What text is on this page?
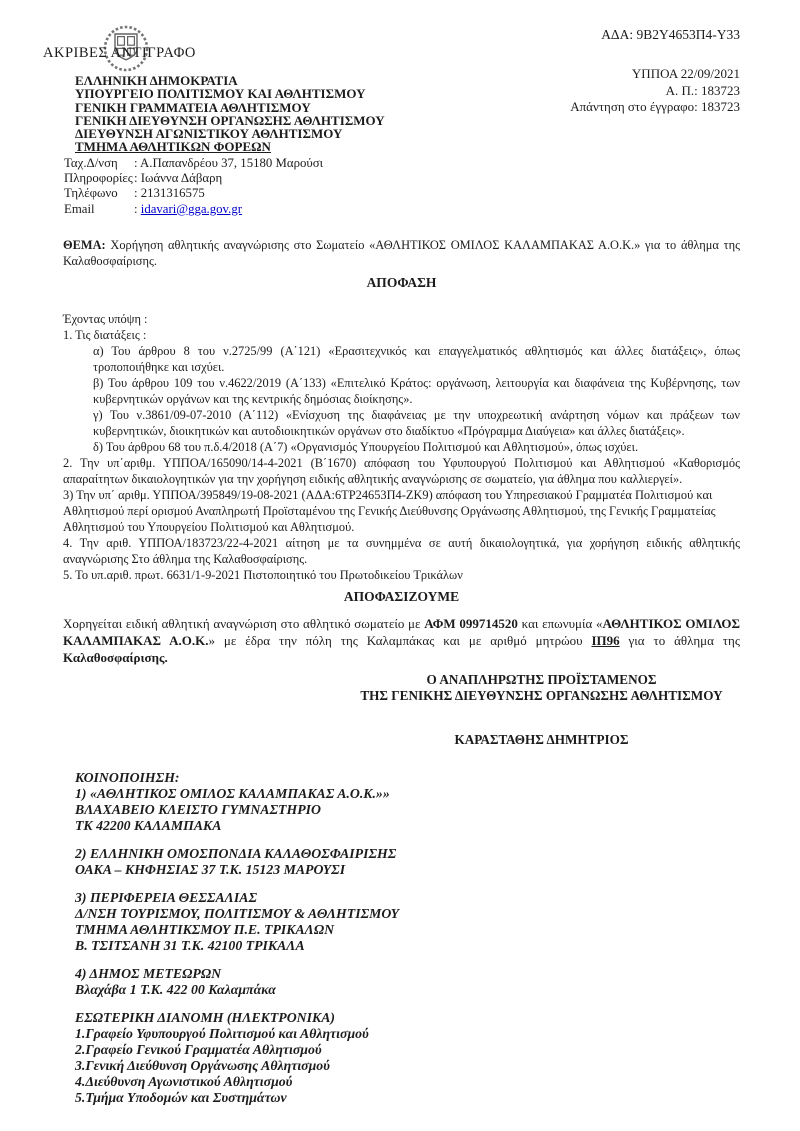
ΑΚΡΙΒΕΣ ΑΝΤΙΓΡΑΦΟ
ΑΔΑ: 9Β2Υ4653Π4-Υ33
ΕΛΛΗΝΙΚΗ ΔΗΜΟΚΡΑΤΙΑ
ΥΠΟΥΡΓΕΙΟ ΠΟΛΙΤΙΣΜΟΥ ΚΑΙ ΑΘΛΗΤΙΣΜΟΥ
ΓΕΝΙΚΗ ΓΡΑΜΜΑΤΕΙΑ ΑΘΛΗΤΙΣΜΟΥ
ΓΕΝΙΚΗ ΔΙΕΥΘΥΝΣΗ ΟΡΓΑΝΩΣΗΣ ΑΘΛΗΤΙΣΜΟΥ
ΔΙΕΥΘΥΝΣΗ ΑΓΩΝΙΣΤΙΚΟΥ ΑΘΛΗΤΙΣΜΟΥ
ΤΜΗΜΑ ΑΘΛΗΤΙΚΩΝ ΦΟΡΕΩΝ
Ταχ.Δ/νση : Α.Παπανδρέου 37, 15180 Μαρούσι
Πληροφορίες: Ιωάννα Δάβαρη
Τηλέφωνο : 2131316575
Email	: idavari@gga.gov.gr
ΥΠΠΟΑ 22/09/2021
Α. Π.: 183723
Απάντηση στο έγγραφο: 183723

ΘΕΜΑ: Χορήγηση αθλητικής αναγνώρισης στο Σωματείο «ΑΘΛΗΤΙΚΟΣ ΟΜΙΛΟΣ ΚΑΛΑΜΠΑΚΑΣ Α.Ο.Κ.» για το άθλημα της Καλαθοσφαίρισης.

ΑΠΟΦΑΣΗ

Έχοντας υπόψη :

1. Τις διατάξεις :

α) Του άρθρου 8 του ν.2725/99 (Α΄121) «Ερασιτεχνικός και επαγγελματικός αθλητισμός και άλλες διατάξεις», όπως τροποποιήθηκε και ισχύει.

β) Του άρθρου 109 του ν.4622/2019 (Α΄133) «Επιτελικό Κράτος: οργάνωση, λειτουργία και διαφάνεια της Κυβέρνησης, των κυβερνητικών οργάνων και της κεντρικής δημόσιας διοίκησης».

γ) Του ν.3861/09-07-2010 (Α΄112) «Ενίσχυση της διαφάνειας με την υποχρεωτική ανάρτηση νόμων και πράξεων των κυβερνητικών, διοικητικών και αυτοδιοικητικών οργάνων στο διαδίκτυο «Πρόγραμμα Διαύγεια» και άλλες διατάξεις».

δ) Του άρθρου 68 του π.δ.4/2018 (Α΄7) «Οργανισμός Υπουργείου Πολιτισμού και Αθλητισμού», όπως ισχύει.

2. Την υπ΄αριθμ. ΥΠΠΟΑ/165090/14-4-2021 (Β΄1670) απόφαση του Υφυπουργού Πολιτισμού και Αθλητισμού «Καθορισμός απαραίτητων δικαιολογητικών για την χορήγηση ειδικής αθλητικής αναγνώρισης σε σωματείο, για άθλημα που καλλιεργεί».

3) Την υπ΄ αριθμ. ΥΠΠΟΑ/395849/19-08-2021 (ΑΔΑ:6ΤΡ24653Π4-ΖΚ9) απόφαση του Υπηρεσιακού Γραμματέα Πολιτισμού και Αθλητισμού περί ορισμού Αναπληρωτή Προϊσταμένου της Γενικής Διεύθυνσης Οργάνωσης Αθλητισμού, της Γενικής Γραμματείας Αθλητισμού του Υπουργείου Πολιτισμού και Αθλητισμού.

4. Την αριθ. ΥΠΠΟΑ/183723/22-4-2021 αίτηση με τα συνημμένα σε αυτή δικαιολογητικά, για χορήγηση ειδικής αθλητικής αναγνώρισης Στο άθλημα της Καλαθοσφαίρισης.

5. Το υπ.αριθ. πρωτ. 6631/1-9-2021 Πιστοποιητικό του Πρωτοδικείου Τρικάλων

ΑΠΟΦΑΣΙΖΟΥΜΕ

Χορηγείται ειδική αθλητική αναγνώριση στο αθλητικό σωματείο με ΑΦΜ 099714520 και επωνυμία «ΑΘΛΗΤΙΚΟΣ ΟΜΙΛΟΣ ΚΑΛΑΜΠΑΚΑΣ Α.Ο.Κ.» με έδρα την πόλη της Καλαμπάκας και με αριθμό μητρώου ΙΠ96 για το άθλημα της Καλαθοσφαίρισης.

Ο ΑΝΑΠΛΗΡΩΤΗΣ ΠΡΟΪΣΤΑΜΕΝΟΣ
ΤΗΣ ΓΕΝΙΚΗΣ ΔΙΕΥΘΥΝΣΗΣ ΟΡΓΑΝΩΣΗΣ ΑΘΛΗΤΙΣΜΟΥ
ΚΑΡΑΣΤΑΘΗΣ ΔΗΜΗΤΡΙΟΣ

ΚΟΙΝΟΠΟΙΗΣΗ:

1) «ΑΘΛΗΤΙΚΟΣ ΟΜΙΛΟΣ ΚΑΛΑΜΠΑΚΑΣ Α.Ο.Κ.»»

ΒΛΑΧΑΒΕΙΟ ΚΛΕΙΣΤΟ ΓΥΜΝΑΣΤΗΡΙΟ

ΤΚ 42200 ΚΑΛΑΜΠΑΚΑ

2) ΕΛΛΗΝΙΚΗ ΟΜΟΣΠΟΝΔΙΑ ΚΑΛΑΘΟΣΦΑΙΡΙΣΗΣ

ΟΑΚΑ – ΚΗΦΗΣΙΑΣ 37 Τ.Κ. 15123 ΜΑΡΟΥΣΙ

3) ΠΕΡΙΦΕΡΕΙΑ ΘΕΣΣΑΛΙΑΣ

Δ/ΝΣΗ ΤΟΥΡΙΣΜΟΥ, ΠΟΛΙΤΙΣΜΟΥ & ΑΘΛΗΤΙΣΜΟΥ

ΤΜΗΜΑ ΑΘΛΗΤΙΚΣΜΟΥ Π.Ε. ΤΡΙΚΑΛΩΝ

Β. ΤΣΙΤΣΑΝΗ 31 Τ.Κ. 42100 ΤΡΙΚΑΛΑ

4) ΔΗΜΟΣ ΜΕΤΕΩΡΩΝ

Βλαχάβα 1 Τ.Κ. 422 00 Καλαμπάκα

ΕΣΩΤΕΡΙΚΗ ΔΙΑΝΟΜΗ (ΗΛΕΚΤΡΟΝΙΚΑ)

1.Γραφείο Υφυπουργού Πολιτισμού και Αθλητισμού

2.Γραφείο Γενικού Γραμματέα Αθλητισμού

3.Γενική Διεύθυνση Οργάνωσης Αθλητισμού

4.Διεύθυνση Αγωνιστικού Αθλητισμού

5.Τμήμα Υποδομών και Συστημάτων
